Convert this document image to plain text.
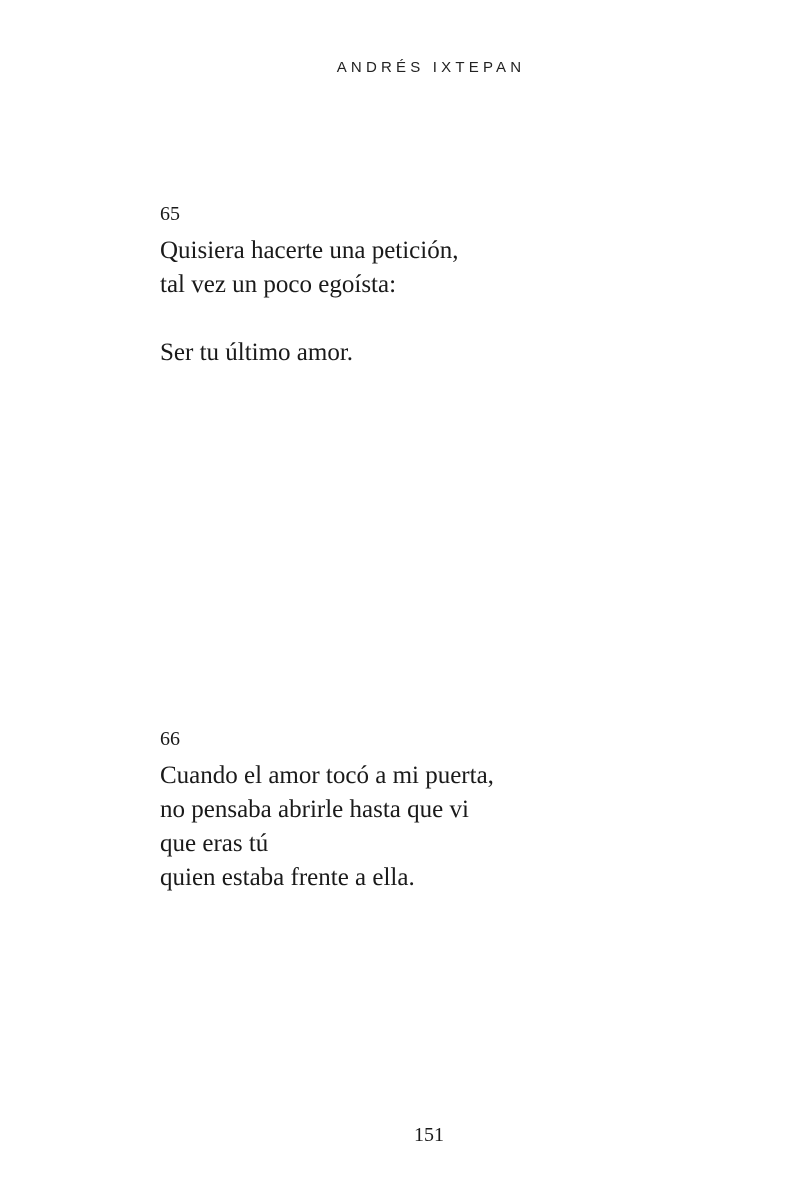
ANDRÉS IXTEPAN
65
Quisiera hacerte una petición,
tal vez un poco egoísta:
Ser tu último amor.
66
Cuando el amor tocó a mi puerta,
no pensaba abrirle hasta que vi
que eras tú
quien estaba frente a ella.
151
